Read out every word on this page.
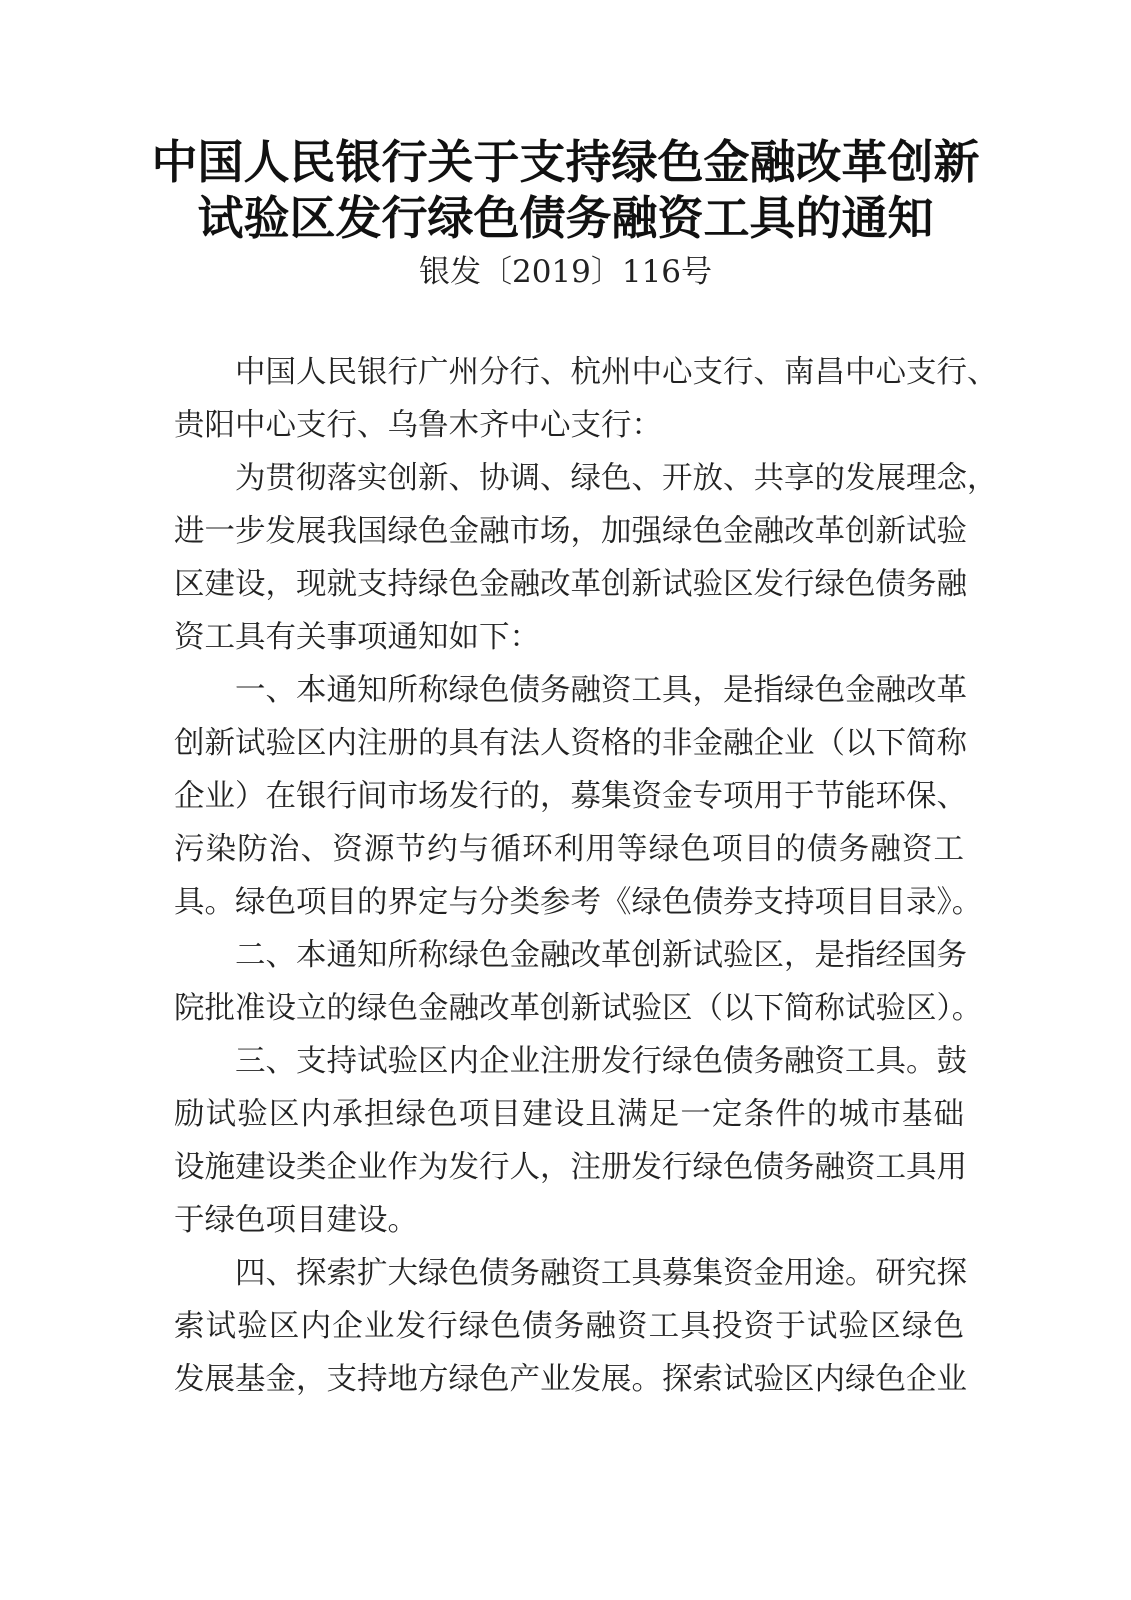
中国人民银行关于支持绿色金融改革创新
试验区发行绿色债务融资工具的通知
银发〔2019〕116号
中国人民银行广州分行、杭州中心支行、南昌中心支行、
贵阳中心支行、乌鲁木齐中心支行：
为贯彻落实创新、协调、绿色、开放、共享的发展理念，
进一步发展我国绿色金融市场，加强绿色金融改革创新试验
区建设，现就支持绿色金融改革创新试验区发行绿色债务融
资工具有关事项通知如下：
一、本通知所称绿色债务融资工具，是指绿色金融改革
创新试验区内注册的具有法人资格的非金融企业（以下简称
企业）在银行间市场发行的，募集资金专项用于节能环保、
污染防治、资源节约与循环利用等绿色项目的债务融资工
具。绿色项目的界定与分类参考《绿色债券支持项目目录》。
二、本通知所称绿色金融改革创新试验区，是指经国务
院批准设立的绿色金融改革创新试验区（以下简称试验区）。
三、支持试验区内企业注册发行绿色债务融资工具。鼓
励试验区内承担绿色项目建设且满足一定条件的城市基础
设施建设类企业作为发行人，注册发行绿色债务融资工具用
于绿色项目建设。
四、探索扩大绿色债务融资工具募集资金用途。研究探
索试验区内企业发行绿色债务融资工具投资于试验区绿色
发展基金，支持地方绿色产业发展。探索试验区内绿色企业
